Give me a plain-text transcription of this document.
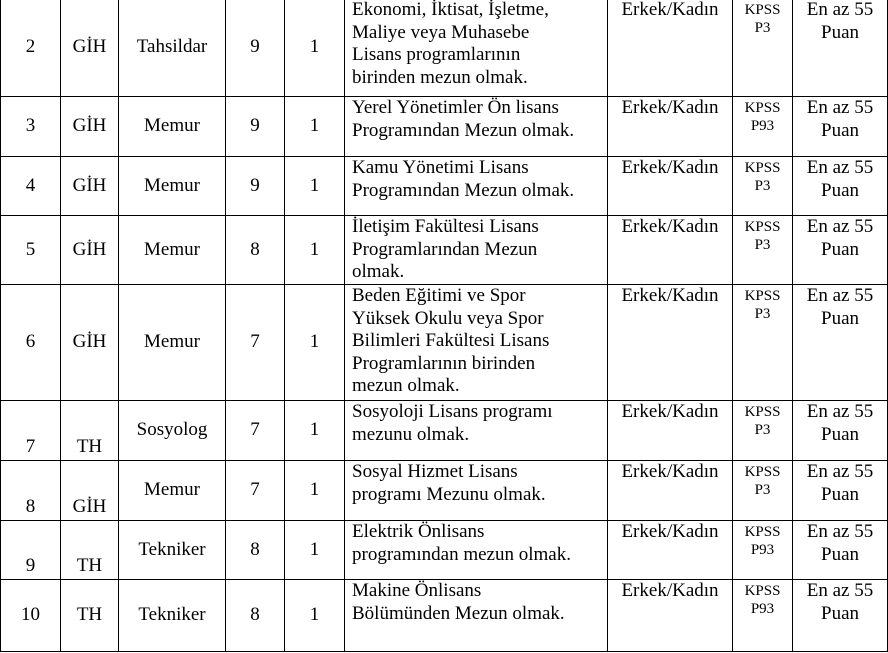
2	GİH	Tahsildar	9	1	Ekonomi, İktisat, İşletme,
Maliye veya Muhasebe
Lisans programlarının
birinden mezun olmak.	Erkek/Kadın	KPSS
P3	En az 55
Puan

3	GİH	Memur	9	1	Yerel Yönetimler Ön lisans
Programından Mezun olmak.	Erkek/Kadın	KPSS
P93	En az 55
Puan

4	GİH	Memur	9	1	Kamu Yönetimi Lisans
Programından Mezun olmak.	Erkek/Kadın	KPSS
P3	En az 55
Puan

5	GİH	Memur	8	1	İletişim Fakültesi Lisans
Programlarından Mezun
olmak.	Erkek/Kadın	KPSS
P3	En az 55
Puan

6	GİH	Memur	7	1	Beden Eğitimi ve Spor
Yüksek Okulu veya Spor
Bilimleri Fakültesi Lisans
Programlarının birinden
mezun olmak.	Erkek/Kadın	KPSS
P3	En az 55
Puan

7	TH	Sosyolog	7	1	Sosyoloji Lisans programı
mezunu olmak.	Erkek/Kadın	KPSS
P3	En az 55
Puan

8	GİH	Memur	7	1	Sosyal Hizmet Lisans
programı Mezunu olmak.	Erkek/Kadın	KPSS
P3	En az 55
Puan

9	TH	Tekniker	8	1	Elektrik Önlisans
programından mezun olmak.	Erkek/Kadın	KPSS
P93	En az 55
Puan

10	TH	Tekniker	8	1	Makine Önlisans
Bölümünden Mezun olmak.	Erkek/Kadın	KPSS
P93	En az 55
Puan
